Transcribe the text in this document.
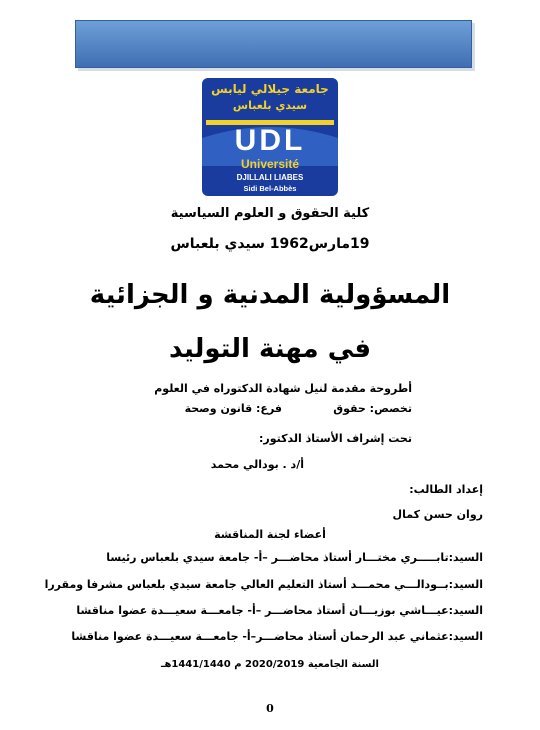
جامعة جيلالي ليابس
سيدي بلعباس
UDL
Université
DJILLALI LIABES
Sidi Bel-Abbès
كلية الحقوق و العلوم السياسية
19مارس1962 سيدي بلعباس
المسؤولية المدنية و الجزائية
في مهنة التوليد
أطروحة مقدمة لنيل شهادة الدكتوراه في العلوم
تخصص: حقوق
فرع: قانون وصحة
تحت إشراف الأستاذ الدكتور:
أ/د . بودالي محمد
إعداد الطالب:
روان حسن كمال
أعضاء لجنة المناقشة
السيد:تابـــــري مختـــار أستاذ محاضـــر –أ- جامعة سيدي بلعباس رئيسا
السيد:بــودالـــي محمـــد أستاذ التعليم العالي جامعة سيدي بلعباس مشرفا ومقررا
السيد:عيـــاشي بوزيـــان أستاذ محاضـــر –أ- جامعـــة سعيـــدة عضوا مناقشا
السيد:عثماني عبد الرحمان أستاذ محاضـــر–أ- جامعـــة سعيـــدة عضوا مناقشا
السنة الجامعية 2020/2019 م 1441/1440هـ
0
